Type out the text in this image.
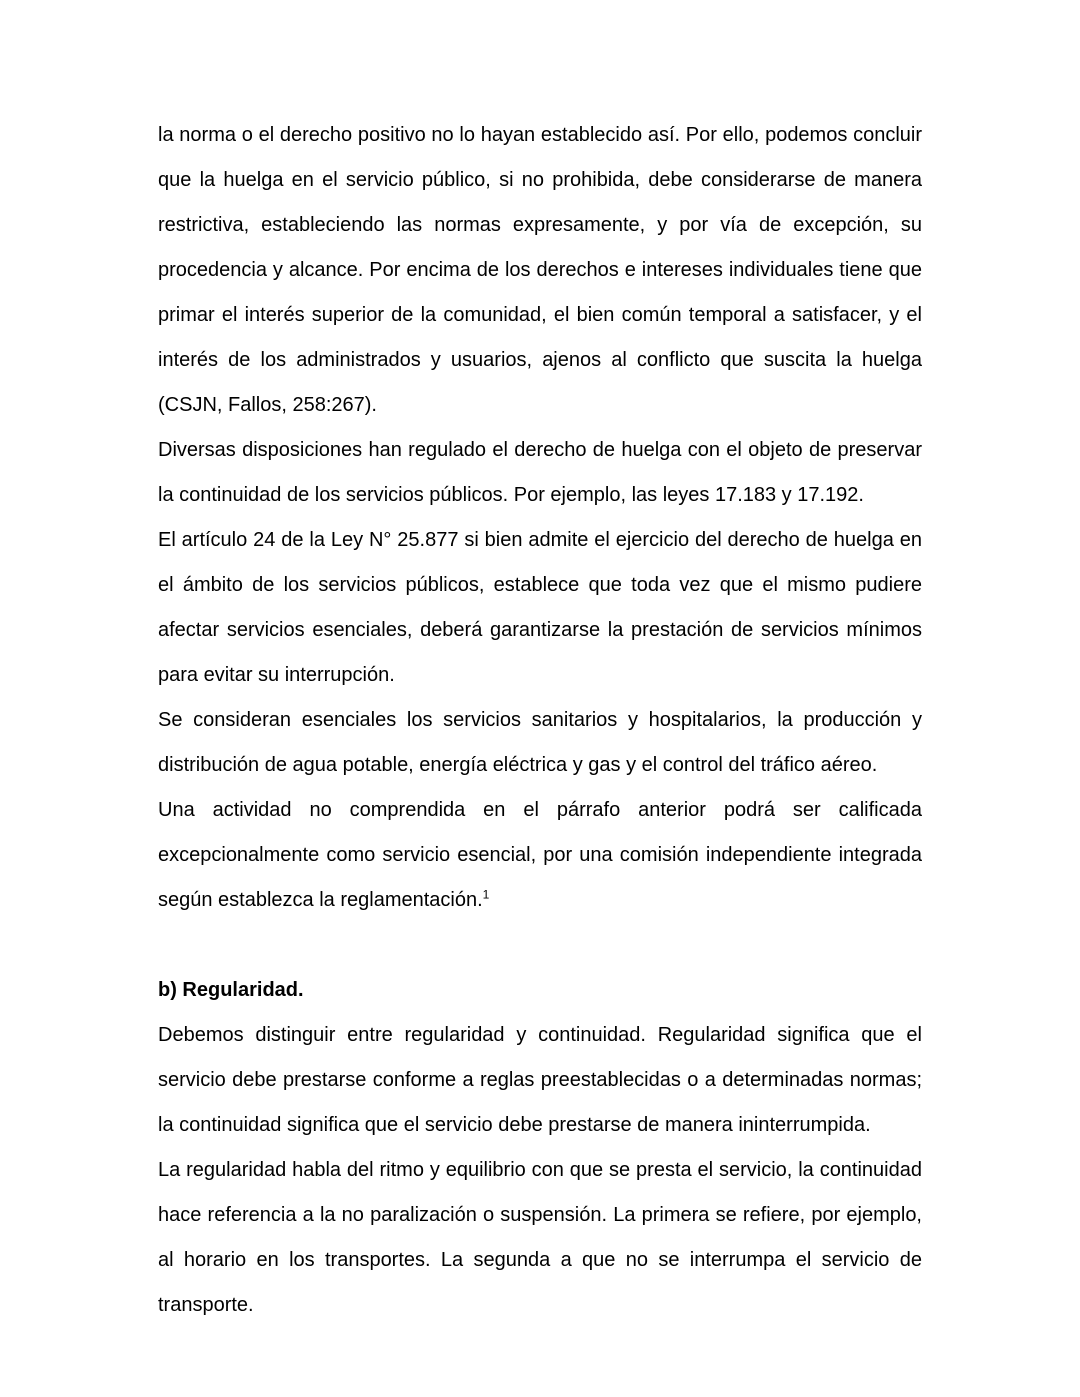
la norma o el derecho positivo no lo hayan establecido así. Por ello, podemos concluir que la huelga en el servicio público, si no prohibida, debe considerarse de manera restrictiva, estableciendo las normas expresamente, y por vía de excepción, su procedencia y alcance. Por encima de los derechos e intereses individuales tiene que primar el interés superior de la comunidad, el bien común temporal a satisfacer, y el interés de los administrados y usuarios, ajenos al conflicto que suscita la huelga (CSJN, Fallos, 258:267).

Diversas disposiciones han regulado el derecho de huelga con el objeto de preservar la continuidad de los servicios públicos. Por ejemplo, las leyes 17.183 y 17.192.

El artículo 24 de la Ley N° 25.877 si bien admite el ejercicio del derecho de huelga en el ámbito de los servicios públicos, establece que toda vez que el mismo pudiere afectar servicios esenciales, deberá garantizarse la prestación de servicios mínimos para evitar su interrupción.

Se consideran esenciales los servicios sanitarios y hospitalarios, la producción y distribución de agua potable, energía eléctrica y gas y el control del tráfico aéreo.

Una actividad no comprendida en el párrafo anterior podrá ser calificada excepcionalmente como servicio esencial, por una comisión independiente integrada según establezca la reglamentación.$^1$

b) Regularidad.

Debemos distinguir entre regularidad y continuidad. Regularidad significa que el servicio debe prestarse conforme a reglas preestablecidas o a determinadas normas; la continuidad significa que el servicio debe prestarse de manera ininterrumpida.

La regularidad habla del ritmo y equilibrio con que se presta el servicio, la continuidad hace referencia a la no paralización o suspensión. La primera se refiere, por ejemplo, al horario en los transportes. La segunda a que no se interrumpa el servicio de transporte.
